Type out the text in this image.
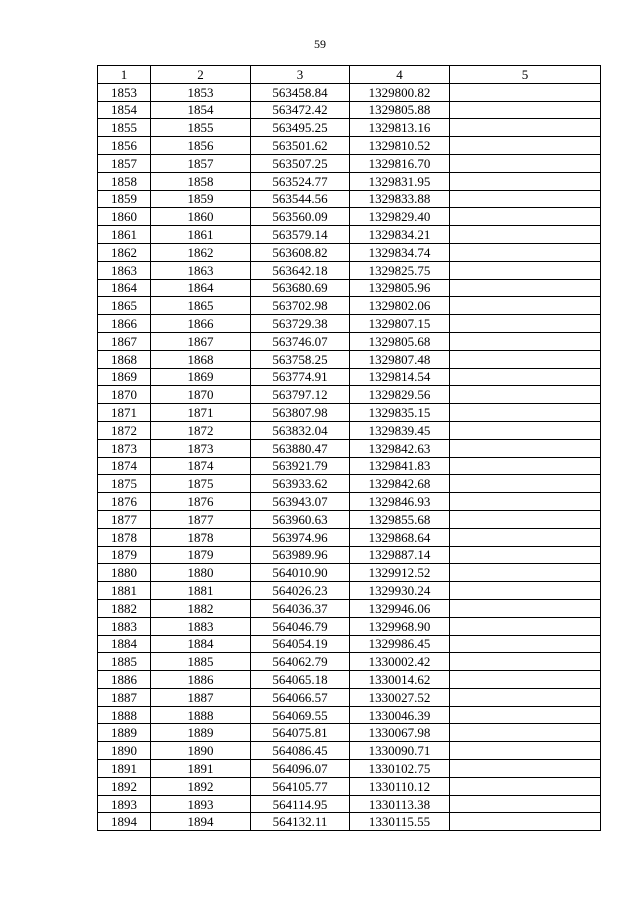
59
1	2	3	4	5
1853	1853	563458.84	1329800.82	
1854	1854	563472.42	1329805.88	
1855	1855	563495.25	1329813.16	
1856	1856	563501.62	1329810.52	
1857	1857	563507.25	1329816.70	
1858	1858	563524.77	1329831.95	
1859	1859	563544.56	1329833.88	
1860	1860	563560.09	1329829.40	
1861	1861	563579.14	1329834.21	
1862	1862	563608.82	1329834.74	
1863	1863	563642.18	1329825.75	
1864	1864	563680.69	1329805.96	
1865	1865	563702.98	1329802.06	
1866	1866	563729.38	1329807.15	
1867	1867	563746.07	1329805.68	
1868	1868	563758.25	1329807.48	
1869	1869	563774.91	1329814.54	
1870	1870	563797.12	1329829.56	
1871	1871	563807.98	1329835.15	
1872	1872	563832.04	1329839.45	
1873	1873	563880.47	1329842.63	
1874	1874	563921.79	1329841.83	
1875	1875	563933.62	1329842.68	
1876	1876	563943.07	1329846.93	
1877	1877	563960.63	1329855.68	
1878	1878	563974.96	1329868.64	
1879	1879	563989.96	1329887.14	
1880	1880	564010.90	1329912.52	
1881	1881	564026.23	1329930.24	
1882	1882	564036.37	1329946.06	
1883	1883	564046.79	1329968.90	
1884	1884	564054.19	1329986.45	
1885	1885	564062.79	1330002.42	
1886	1886	564065.18	1330014.62	
1887	1887	564066.57	1330027.52	
1888	1888	564069.55	1330046.39	
1889	1889	564075.81	1330067.98	
1890	1890	564086.45	1330090.71	
1891	1891	564096.07	1330102.75	
1892	1892	564105.77	1330110.12	
1893	1893	564114.95	1330113.38	
1894	1894	564132.11	1330115.55	
